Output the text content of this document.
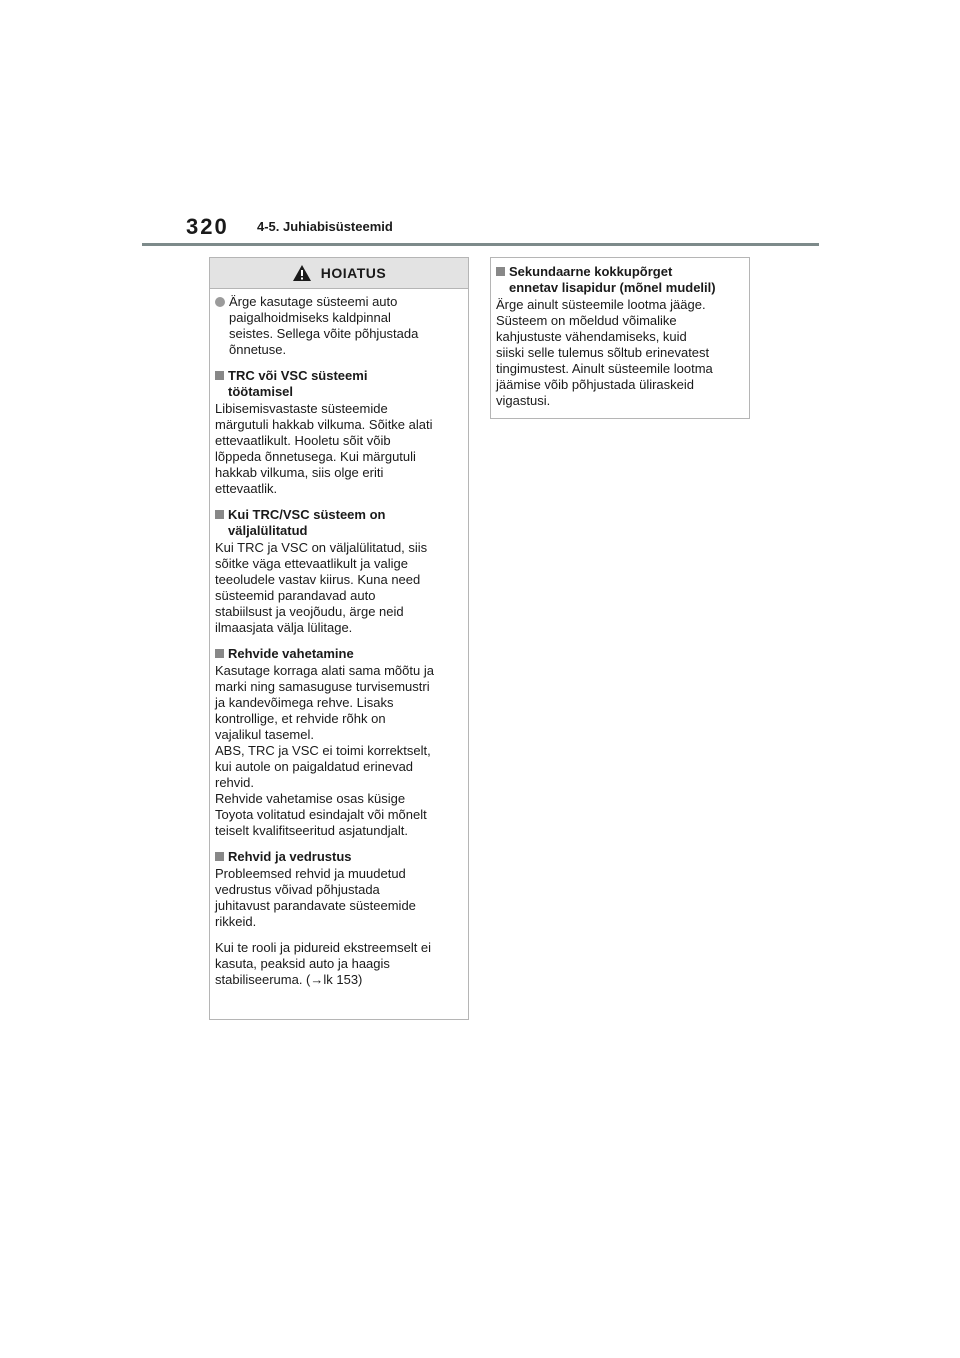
320 4-5. Juhiabisüsteemid
HOIATUS
Ärge kasutage süsteemi auto
paigalhoidmiseks kaldpinnal
seistes. Sellega võite põhjustada
õnnetuse.
TRC või VSC süsteemi
töötamisel
Libisemisvastaste süsteemide
märgutuli hakkab vilkuma. Sõitke alati
ettevaatlikult. Hooletu sõit võib
lõppeda õnnetusega. Kui märgutuli
hakkab vilkuma, siis olge eriti
ettevaatlik.
Kui TRC/VSC süsteem on
väljalülitatud
Kui TRC ja VSC on väljalülitatud, siis
sõitke väga ettevaatlikult ja valige
teeoludele vastav kiirus. Kuna need
süsteemid parandavad auto
stabiilsust ja veojõudu, ärge neid
ilmaasjata välja lülitage.
Rehvide vahetamine
Kasutage korraga alati sama mõõtu ja
marki ning samasuguse turvisemustri
ja kandevõimega rehve. Lisaks
kontrollige, et rehvide rõhk on
vajalikul tasemel.
ABS, TRC ja VSC ei toimi korrektselt,
kui autole on paigaldatud erinevad
rehvid.
Rehvide vahetamise osas küsige
Toyota volitatud esindajalt või mõnelt
teiselt kvalifitseeritud asjatundjalt.
Rehvid ja vedrustus
Probleemsed rehvid ja muudetud
vedrustus võivad põhjustada
juhitavust parandavate süsteemide
rikkeid.
Kui te rooli ja pidureid ekstreemselt ei
kasuta, peaksid auto ja haagis
stabiliseeruma. (→lk 153)
Sekundaarne kokkupõrget
ennetav lisapidur (mõnel mudelil)
Ärge ainult süsteemile lootma jääge.
Süsteem on mõeldud võimalike
kahjustuste vähendamiseks, kuid
siiski selle tulemus sõltub erinevatest
tingimustest. Ainult süsteemile lootma
jäämise võib põhjustada üliraskeid
vigastusi.
